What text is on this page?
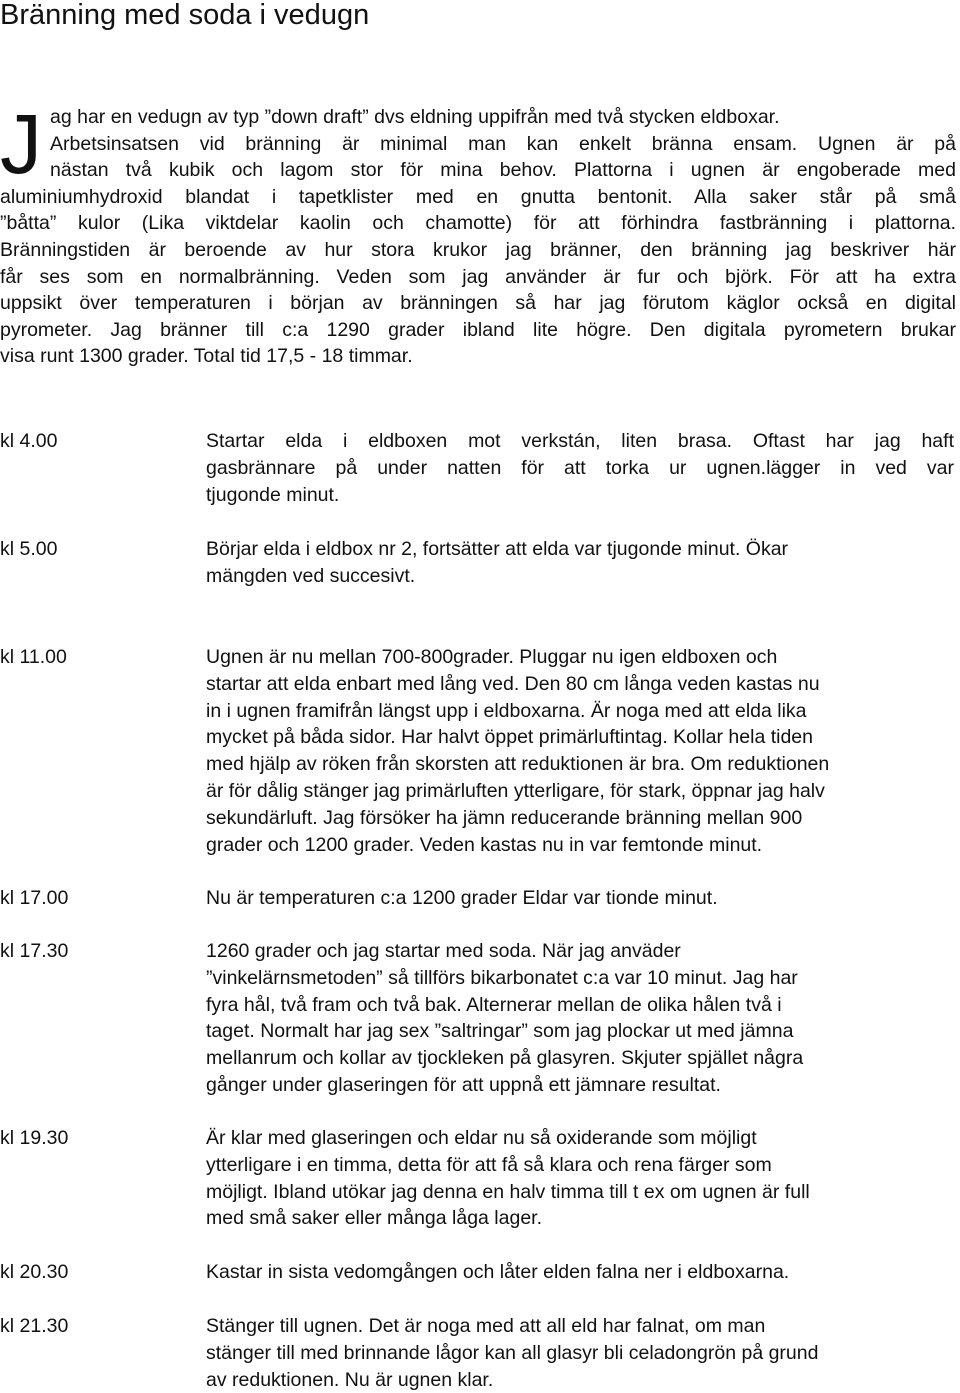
Bränning med soda i vedugn
J ag har en vedugn av typ ”down draft” dvs eldning uppifrån med två stycken eldboxar.
Arbetsinsatsen vid bränning är minimal man kan enkelt bränna ensam. Ugnen är på
nästan två kubik och lagom stor för mina behov. Plattorna i ugnen är engoberade med
aluminiumhydroxid blandat i tapetklister med en gnutta bentonit. Alla saker står på små
”båtta” kulor (Lika viktdelar kaolin och chamotte) för att förhindra fastbränning i plattorna.
Bränningstiden är beroende av hur stora krukor jag bränner, den bränning jag beskriver här
får ses som en normalbränning. Veden som jag använder är fur och björk. För att ha extra
uppsikt över temperaturen i början av bränningen så har jag förutom käglor också en digital
pyrometer. Jag bränner till c:a 1290 grader ibland lite högre. Den digitala pyrometern brukar
visa runt 1300 grader. Total tid 17,5 - 18 timmar.
kl 4.00	Startar elda i eldboxen mot verkstán, liten brasa. Oftast har jag haft
gasbrännare på under natten för att torka ur ugnen.lägger in ved var
tjugonde minut.
kl 5.00	Börjar elda i eldbox nr 2, fortsätter att elda var tjugonde minut. Ökar
mängden ved succesivt.
kl 11.00	Ugnen är nu mellan 700-800grader. Pluggar nu igen eldboxen och
startar att elda enbart med lång ved. Den 80 cm långa veden kastas nu
in i ugnen framifrån längst upp i eldboxarna. Är noga med att elda lika
mycket på båda sidor. Har halvt öppet primärluftintag. Kollar hela tiden
med hjälp av röken från skorsten att reduktionen är bra. Om reduktionen
är för dålig stänger jag primärluften ytterligare, för stark, öppnar jag halv
sekundärluft. Jag försöker ha jämn reducerande bränning mellan 900
grader och 1200 grader. Veden kastas nu in var femtonde minut.
kl 17.00	Nu är temperaturen c:a 1200 grader Eldar var tionde minut.
kl 17.30	1260 grader och jag startar med soda. När jag anväder
”vinkelärnsmetoden” så tillförs bikarbonatet c:a var 10 minut. Jag har
fyra hål, två fram och två bak. Alternerar mellan de olika hålen två i
taget. Normalt har jag sex ”saltringar” som jag plockar ut med jämna
mellanrum och kollar av tjockleken på glasyren. Skjuter spjället några
gånger under glaseringen för att uppnå ett jämnare resultat.
kl 19.30	Är klar med glaseringen och eldar nu så oxiderande som möjligt
ytterligare i en timma, detta för att få så klara och rena färger som
möjligt. Ibland utökar jag denna en halv timma till t ex om ugnen är full
med små saker eller många låga lager.
kl 20.30	Kastar in sista vedomgången och låter elden falna ner i eldboxarna.
kl 21.30	Stänger till ugnen. Det är noga med att all eld har falnat, om man
stänger till med brinnande lågor kan all glasyr bli celadongrön på grund
av reduktionen. Nu är ugnen klar.
